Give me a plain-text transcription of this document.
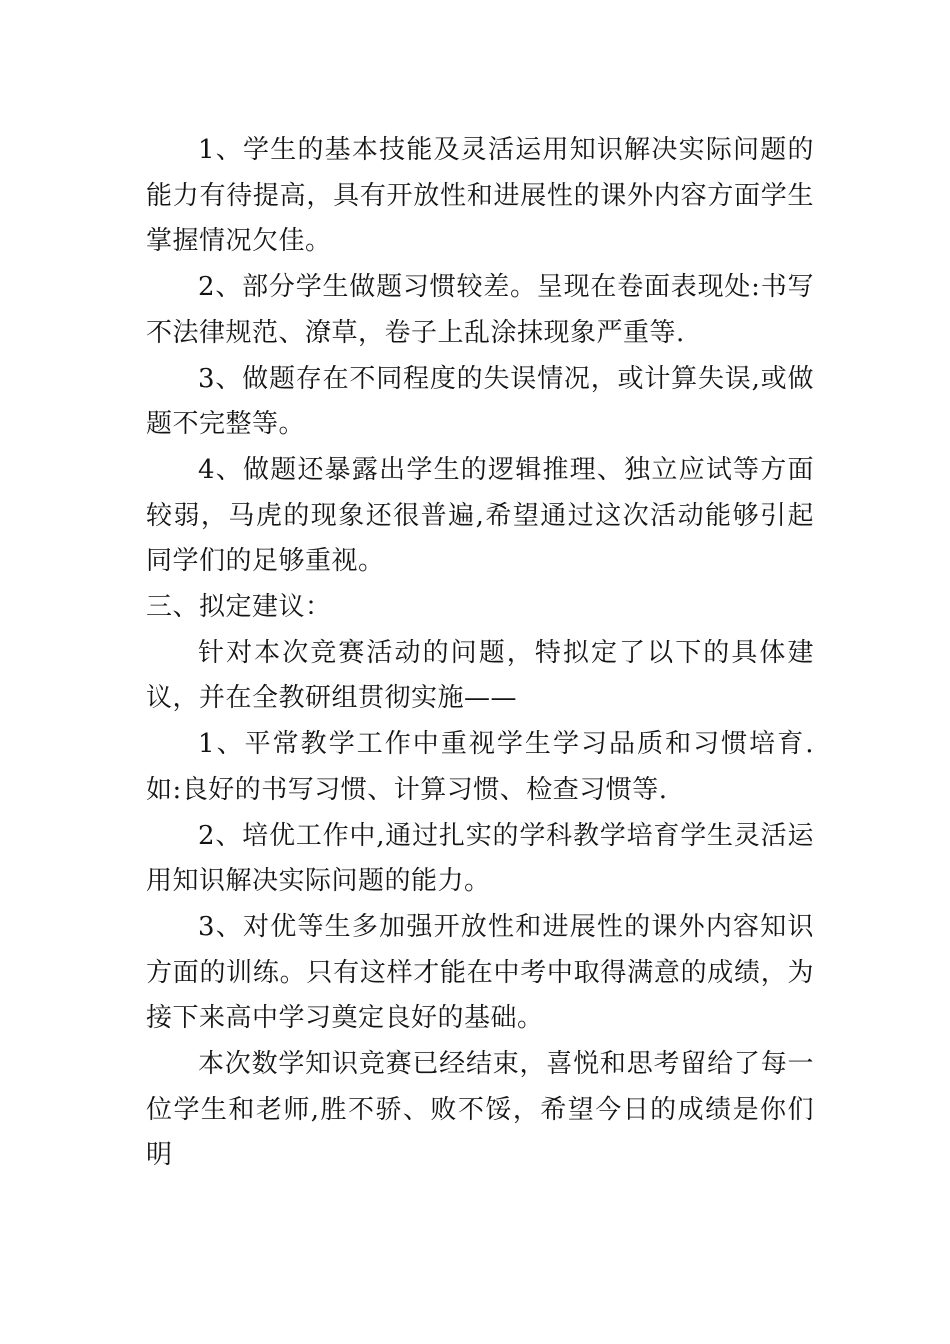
1、学生的基本技能及灵活运用知识解决实际问题的能力有待提高，具有开放性和进展性的课外内容方面学生掌握情况欠佳。

2、部分学生做题习惯较差。呈现在卷面表现处:书写不法律规范、潦草，卷子上乱涂抹现象严重等.

3、做题存在不同程度的失误情况，或计算失误,或做题不完整等。

4、做题还暴露出学生的逻辑推理、独立应试等方面较弱，马虎的现象还很普遍,希望通过这次活动能够引起同学们的足够重视。

三、拟定建议：

针对本次竞赛活动的问题，特拟定了以下的具体建议，并在全教研组贯彻实施——

1、平常教学工作中重视学生学习品质和习惯培育.如:良好的书写习惯、计算习惯、检查习惯等.

2、培优工作中,通过扎实的学科教学培育学生灵活运用知识解决实际问题的能力。

3、对优等生多加强开放性和进展性的课外内容知识方面的训练。只有这样才能在中考中取得满意的成绩，为接下来高中学习奠定良好的基础。

本次数学知识竞赛已经结束，喜悦和思考留给了每一位学生和老师,胜不骄、败不馁，希望今日的成绩是你们明
